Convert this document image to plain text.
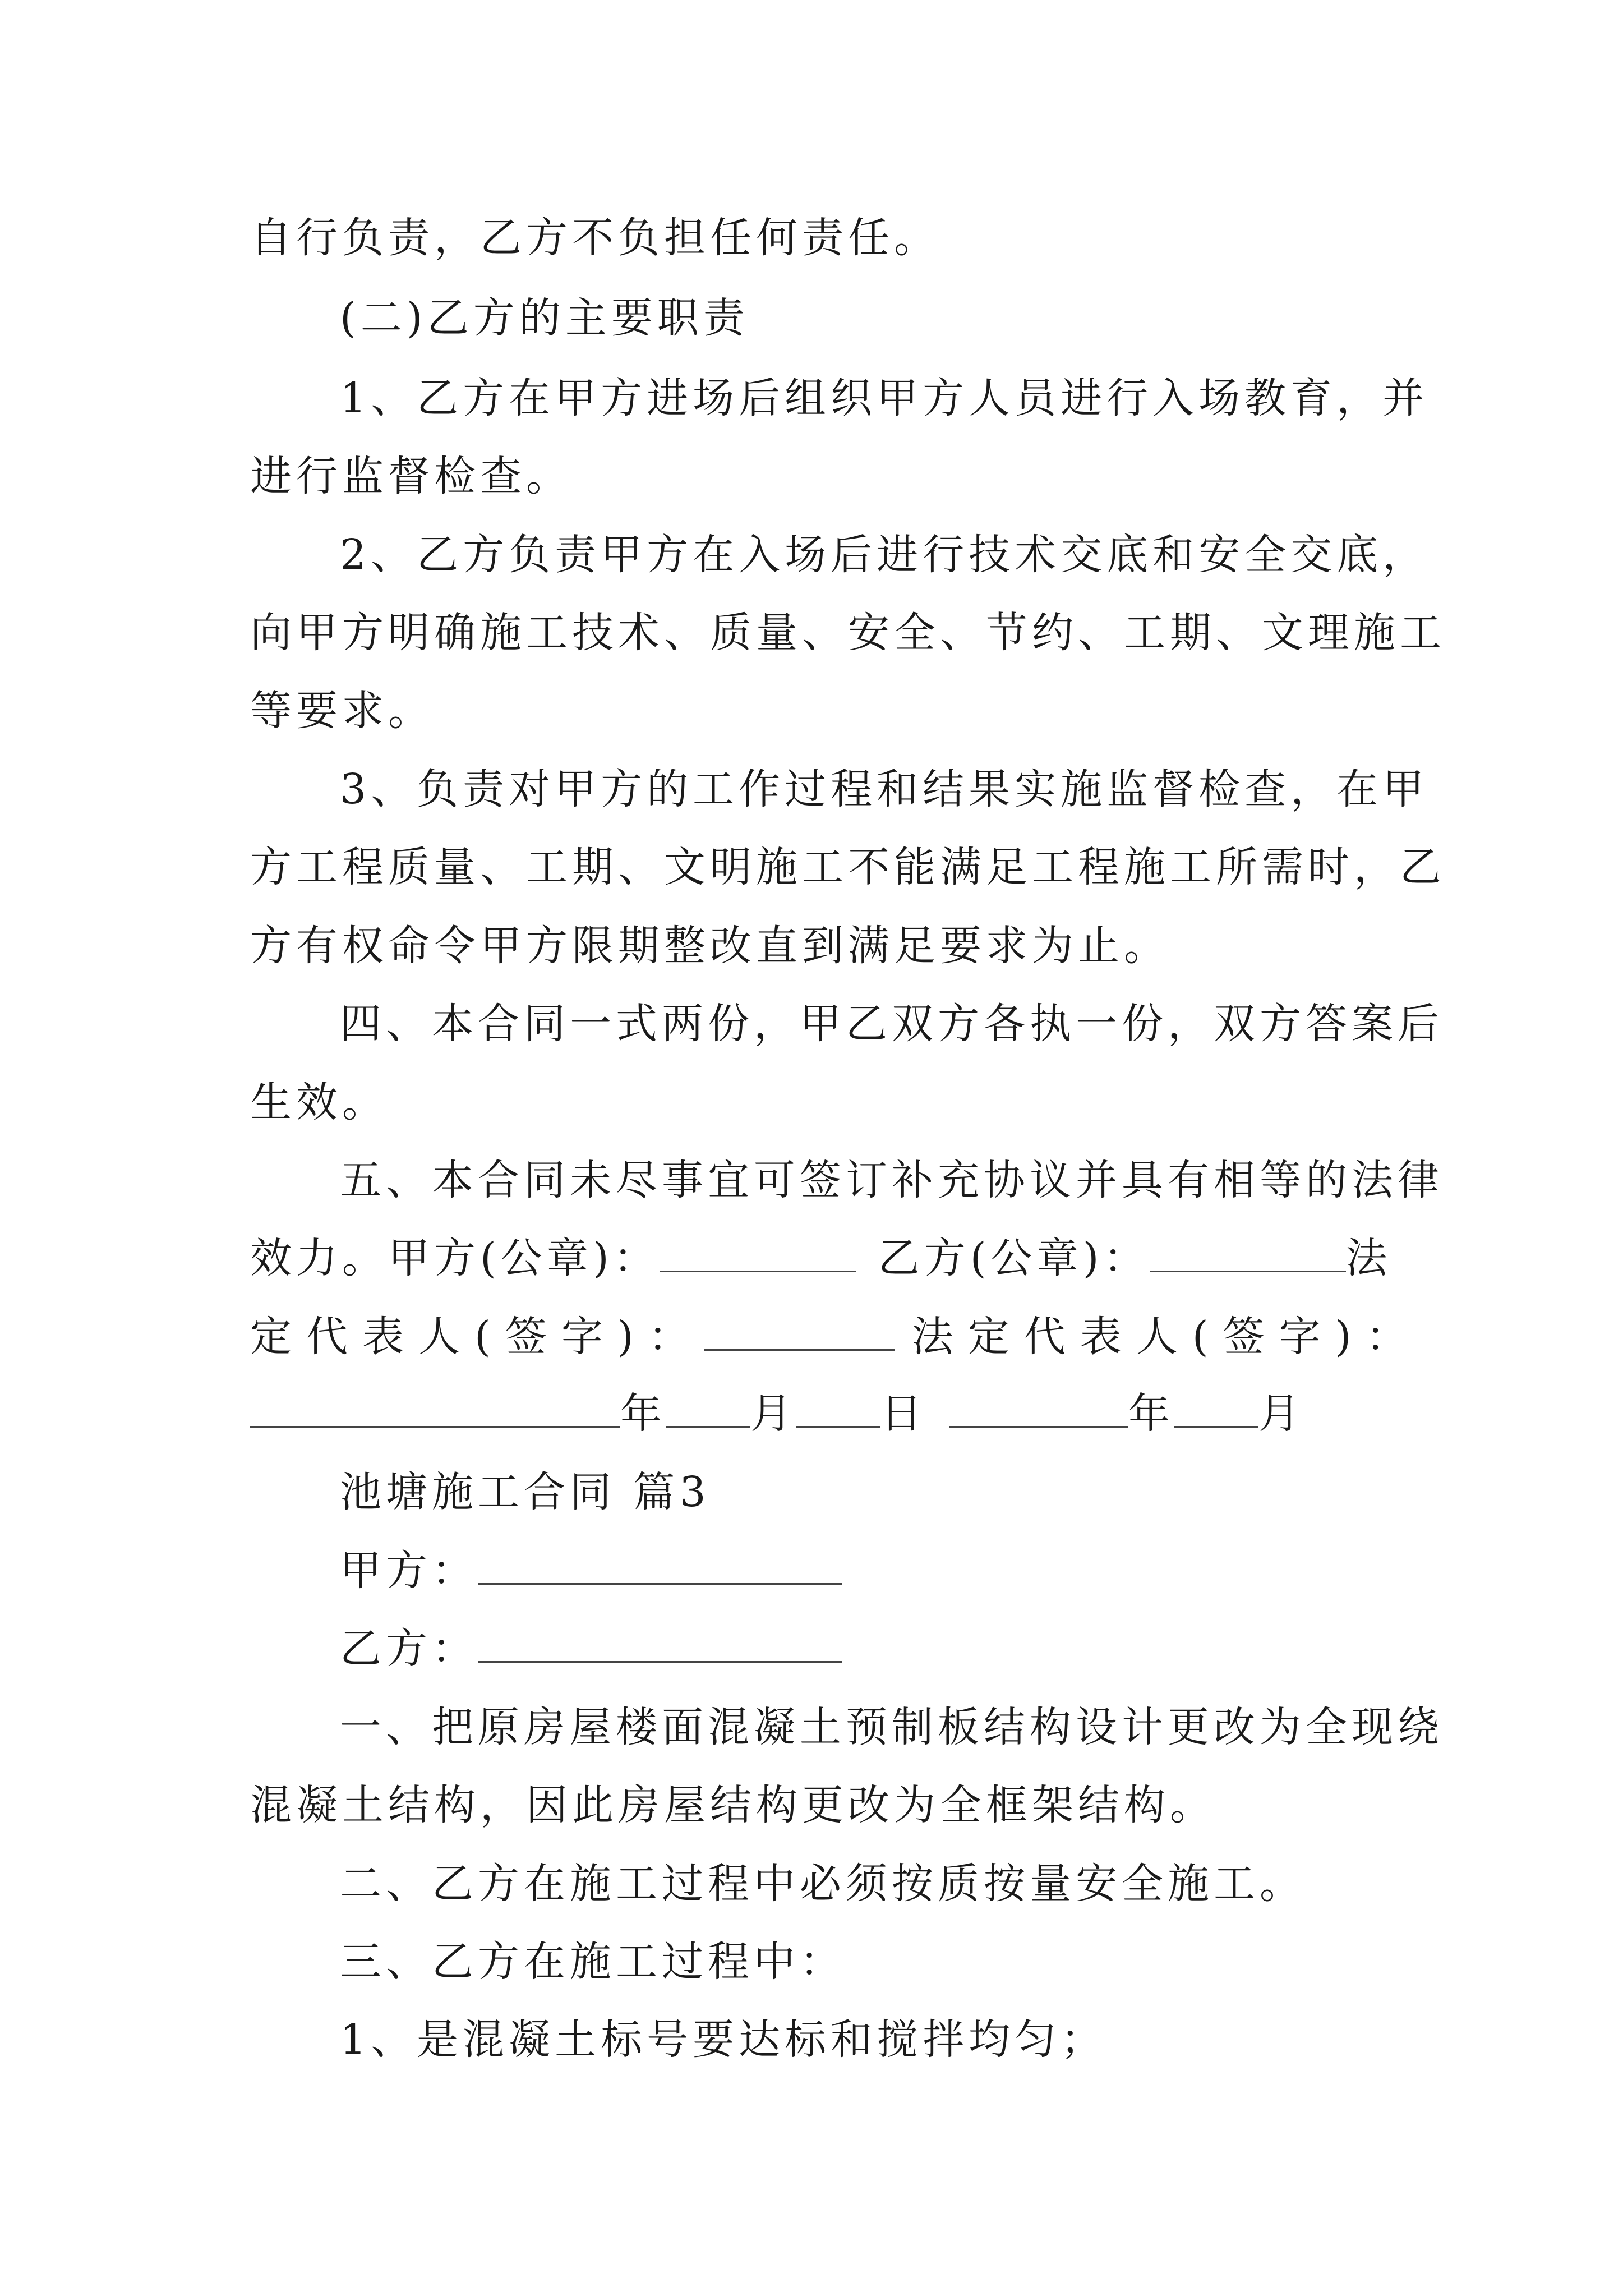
自行负责，乙方不负担任何责任。
(二)乙方的主要职责
1、乙方在甲方进场后组织甲方人员进行入场教育，并
进行监督检查。
2、乙方负责甲方在入场后进行技术交底和安全交底，
向甲方明确施工技术、质量、安全、节约、工期、文理施工
等要求。
3、负责对甲方的工作过程和结果实施监督检查，在甲
方工程质量、工期、文明施工不能满足工程施工所需时，乙
方有权命令甲方限期整改直到满足要求为止。
四、本合同一式两份，甲乙双方各执一份，双方答案后
生效。
五、本合同未尽事宜可签订补充协议并具有相等的法律
效力。甲方(公章)：	乙方(公章)：	法
定代表人(签字)：	法定代表人(签字)：
年 月 日	年 月
池塘施工合同 篇3
甲方：
乙方：
一、把原房屋楼面混凝土预制板结构设计更改为全现绕
混凝土结构，因此房屋结构更改为全框架结构。
二、乙方在施工过程中必须按质按量安全施工。
三、乙方在施工过程中：
1、是混凝土标号要达标和搅拌均匀；
